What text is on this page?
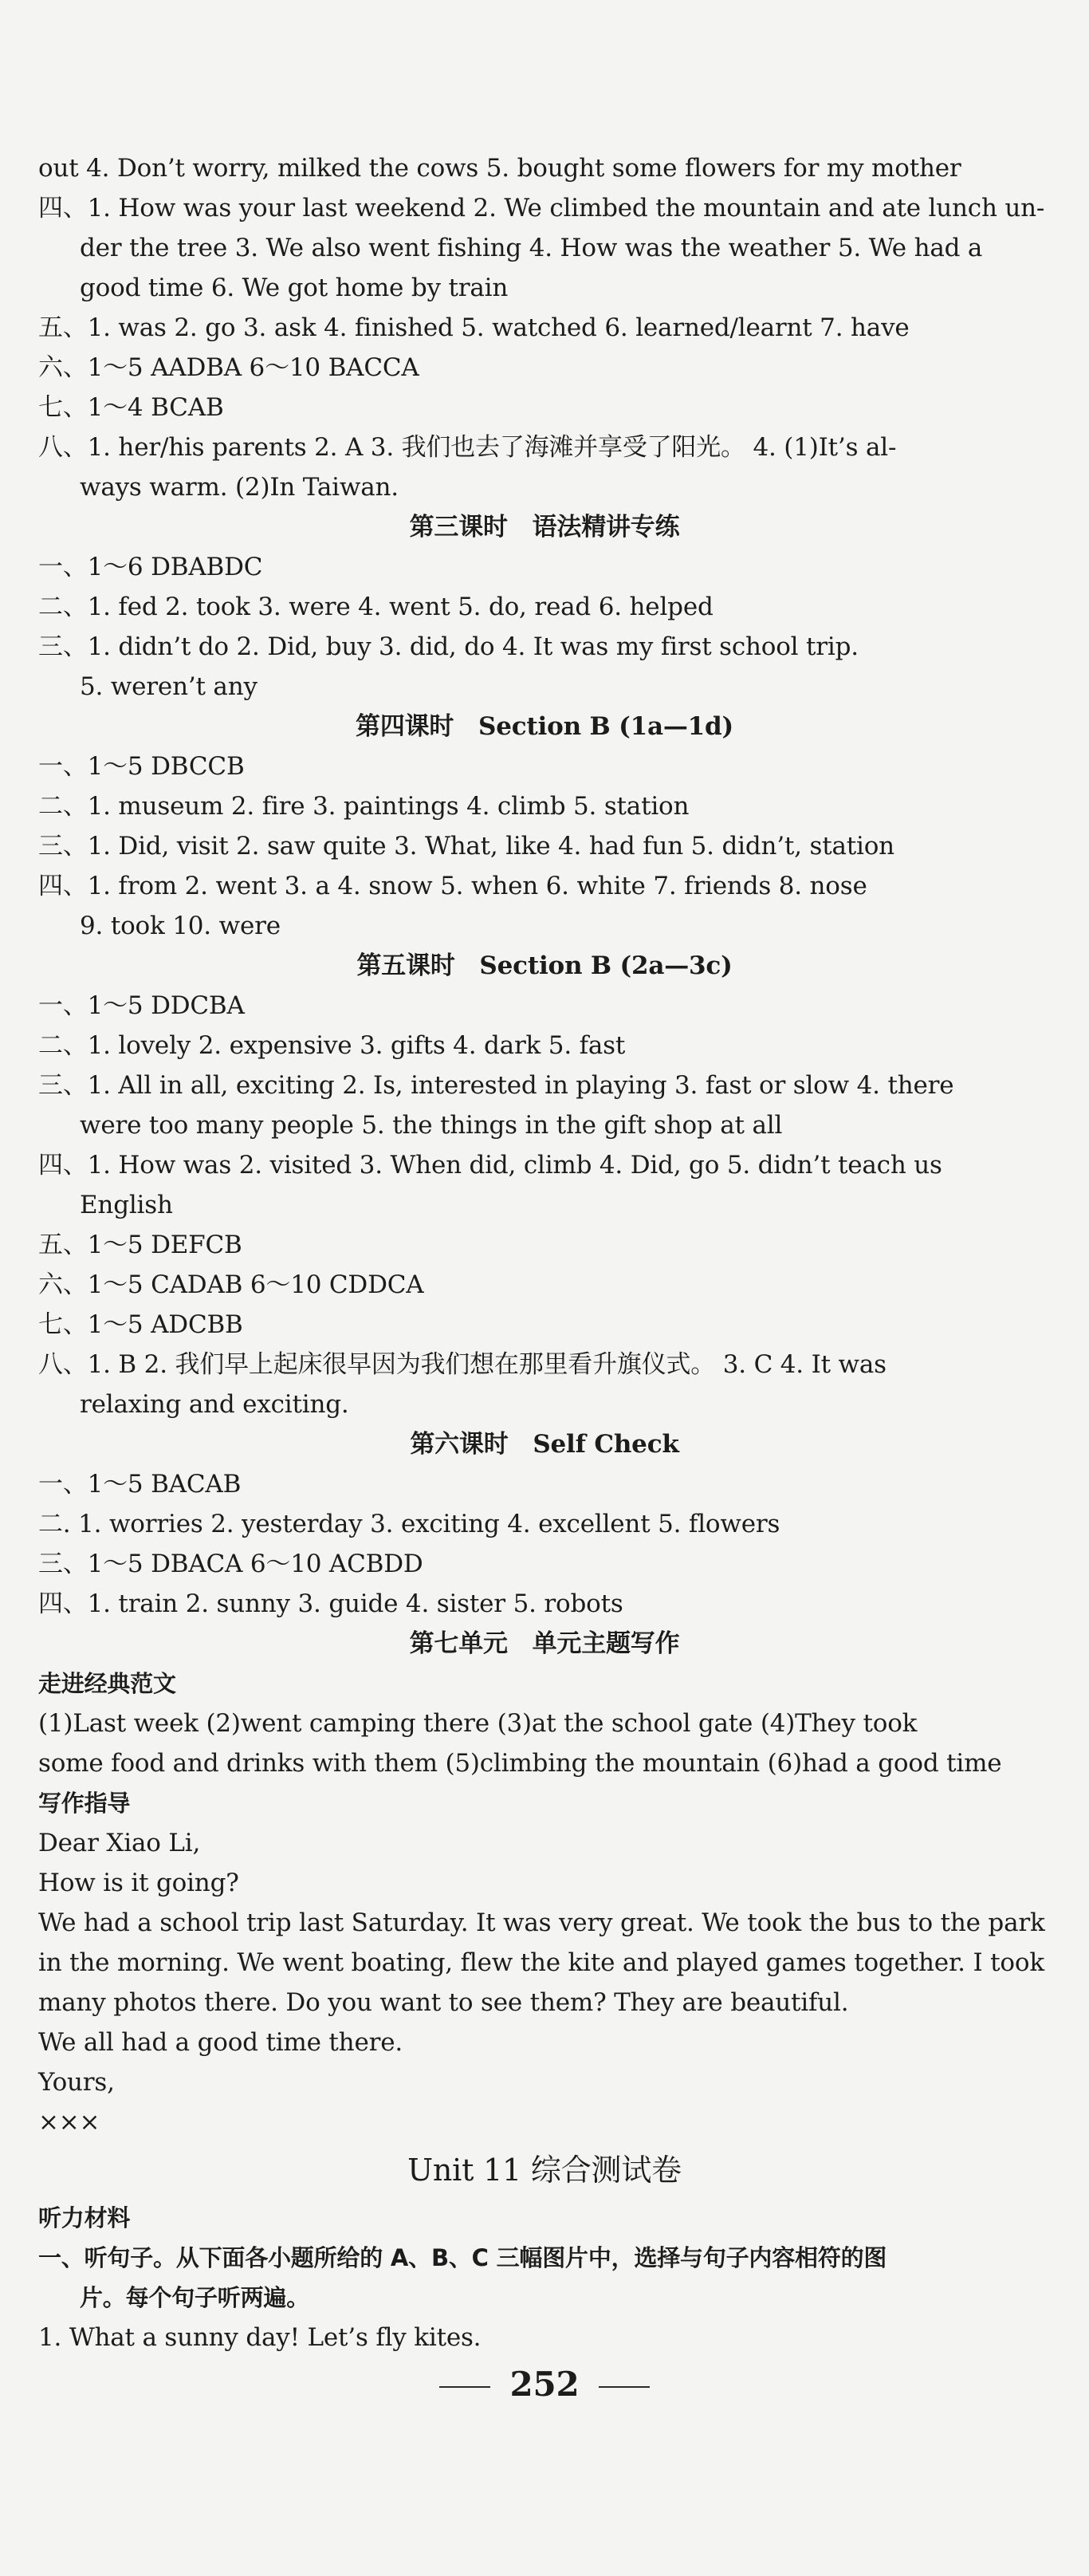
out 4. Don’t worry, milked the cows 5. bought some flowers for my mother
四、1. How was your last weekend 2. We climbed the mountain and ate lunch un-
der the tree 3. We also went fishing 4. How was the weather 5. We had a
good time 6. We got home by train
五、1. was 2. go 3. ask 4. finished 5. watched 6. learned/learnt 7. have
六、1～5 AADBA 6～10 BACCA
七、1～4 BCAB
八、1. her/his parents 2. A 3. 我们也去了海滩并享受了阳光。 4. (1)It’s al-
ways warm. (2)In Taiwan.
第三课时　语法精讲专练
一、1～6 DBABDC
二、1. fed 2. took 3. were 4. went 5. do, read 6. helped
三、1. didn’t do 2. Did, buy 3. did, do 4. It was my first school trip.
5. weren’t any
第四课时　Section B (1a—1d)
一、1～5 DBCCB
二、1. museum 2. fire 3. paintings 4. climb 5. station
三、1. Did, visit 2. saw quite 3. What, like 4. had fun 5. didn’t, station
四、1. from 2. went 3. a 4. snow 5. when 6. white 7. friends 8. nose
9. took 10. were
第五课时　Section B (2a—3c)
一、1～5 DDCBA
二、1. lovely 2. expensive 3. gifts 4. dark 5. fast
三、1. All in all, exciting 2. Is, interested in playing 3. fast or slow 4. there
were too many people 5. the things in the gift shop at all
四、1. How was 2. visited 3. When did, climb 4. Did, go 5. didn’t teach us
English
五、1～5 DEFCB
六、1～5 CADAB 6～10 CDDCA
七、1～5 ADCBB
八、1. B 2. 我们早上起床很早因为我们想在那里看升旗仪式。 3. C 4. It was
relaxing and exciting.
第六课时　Self Check
一、1～5 BACAB
二. 1. worries 2. yesterday 3. exciting 4. excellent 5. flowers
三、1～5 DBACA 6～10 ACBDD
四、1. train 2. sunny 3. guide 4. sister 5. robots
第七单元　单元主题写作
走进经典范文
(1)Last week (2)went camping there (3)at the school gate (4)They took
some food and drinks with them (5)climbing the mountain (6)had a good time
写作指导
Dear Xiao Li,
How is it going?
We had a school trip last Saturday. It was very great. We took the bus to the park
in the morning. We went boating, flew the kite and played games together. I took
many photos there. Do you want to see them? They are beautiful.
We all had a good time there.
Yours,
×××
Unit 11 综合测试卷
听力材料
一、听句子。从下面各小题所给的 A、B、C 三幅图片中，选择与句子内容相符的图
片。每个句子听两遍。
1. What a sunny day! Let’s fly kites.
252
